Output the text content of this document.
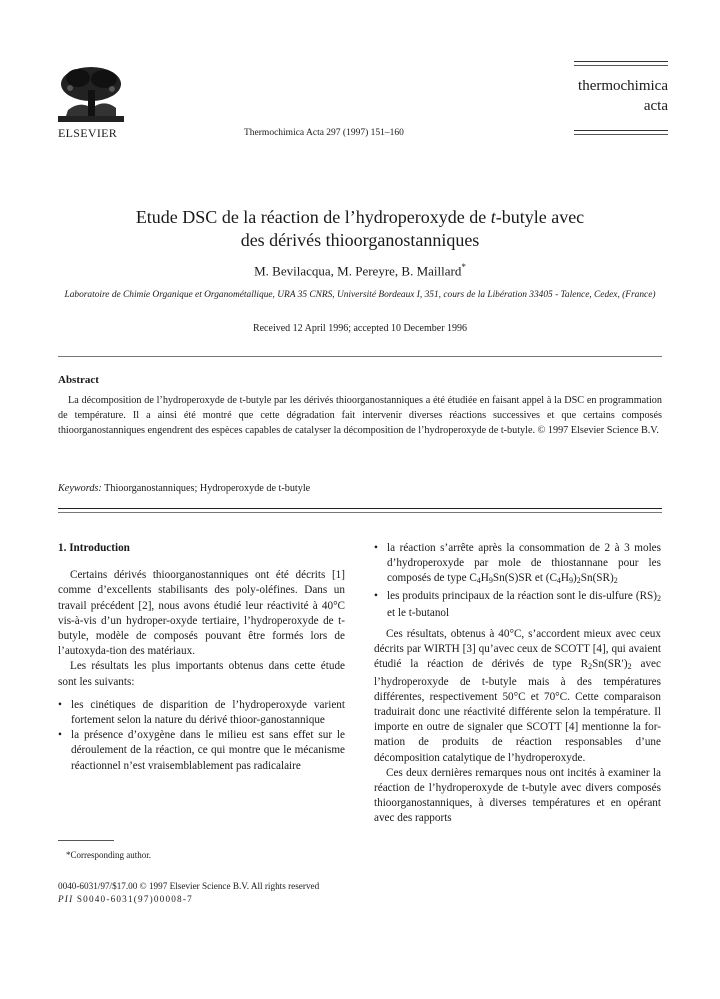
ELSEVIER	Thermochimica Acta 297 (1997) 151–160
thermochimica
acta
Etude DSC de la réaction de l’hydroperoxyde de t-butyle avec
des dérivés thioorganostanniques
M. Bevilacqua, M. Pereyre, B. Maillard*
Laboratoire de Chimie Organique et Organométallique, URA 35 CNRS, Université Bordeaux I, 351, cours de la Libération 33405 - Talence, Cedex, (France)
Received 12 April 1996; accepted 10 December 1996
Abstract
La décomposition de l’hydroperoxyde de t-butyle par les dérivés thioorganostanniques a été étudiée en faisant appel à la DSC en programmation de température. Il a ainsi été montré que cette dégradation fait intervenir diverses réactions successives et que certains composés thioorganostanniques engendrent des espèces capables de catalyser la décomposition de l’hydroperoxyde de t-butyle. © 1997 Elsevier Science B.V.
Keywords: Thioorganostanniques; Hydroperoxyde de t-butyle

1. Introduction

Certains dérivés thioorganostanniques ont été décrits [1] comme d’excellents stabilisants des poly-oléfines. Dans un travail précédent [2], nous avons étudié leur réactivité à 40°C vis-à-vis d’un hydroper-oxyde tertiaire, l’hydroperoxyde de t-butyle, modèle de composés pouvant être formés lors de l’autoxyda-tion des matériaux.

Les résultats les plus importants obtenus dans cette étude sont les suivants:

• les cinétiques de disparition de l’hydroperoxyde varient fortement selon la nature du dérivé thioor-ganostannique
• la présence d’oxygène dans le milieu est sans effet sur le déroulement de la réaction, ce qui montre que le mécanisme réactionnel n’est vraisemblablement pas radicalaire
• la réaction s’arrête après la consommation de 2 à 3 moles d’hydroperoxyde par mole de thiostannane pour les composés de type $C_4H_9Sn(S)SR$ et $(C_4H_9)_2Sn(SR)_2$
• les produits principaux de la réaction sont le dis-ulfure $(RS)_2$ et le t-butanol

Ces résultats, obtenus à 40°C, s’accordent mieux avec ceux décrits par WIRTH [3] qu’avec ceux de SCOTT [4], qui avaient étudié la réaction de dérivés de type $R_2Sn(SR')_2$ avec l’hydroperoxyde de t-butyle mais à des températures différentes, respectivement 50°C et 70°C. Cette comparaison traduirait donc une réactivité différente selon la température. Il importe en outre de signaler que SCOTT [4] mentionne la for-mation de produits de réaction responsables d’une décomposition catalytique de l’hydroperoxyde.

Ces deux dernières remarques nous ont incités à examiner la réaction de l’hydroperoxyde de t-butyle avec divers composés thioorganostanniques, à diverses températures et en opérant avec des rapports

*Corresponding author.
0040-6031/97/$17.00 © 1997 Elsevier Science B.V. All rights reserved
PII S0040-6031(97)00008-7
